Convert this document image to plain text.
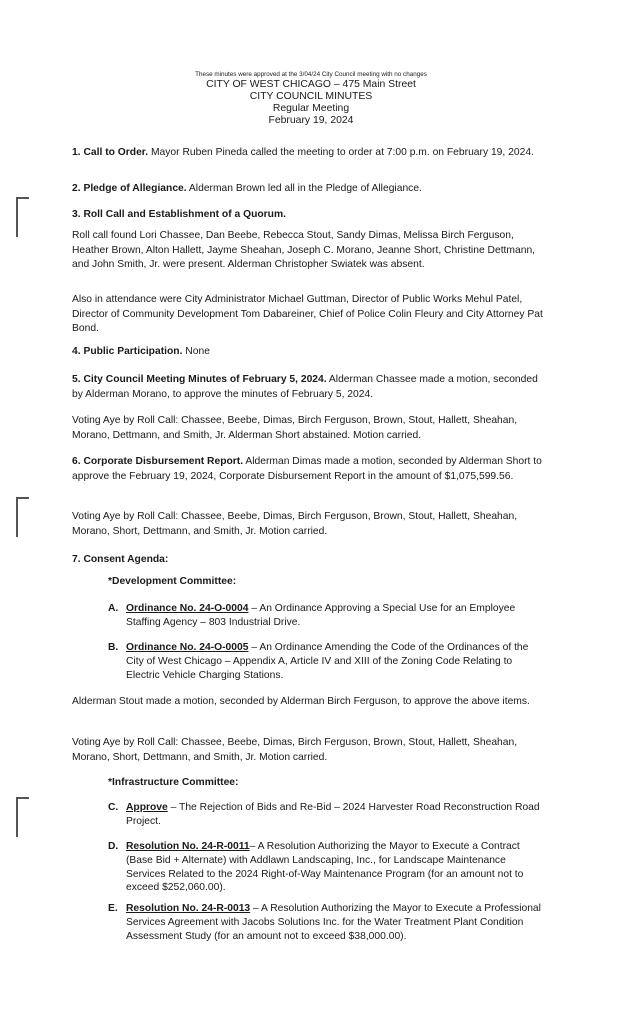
These minutes were approved at the 3/04/24 City Council meeting with no changes
CITY OF WEST CHICAGO – 475 Main Street
CITY COUNCIL MINUTES
Regular Meeting
February 19, 2024
1. Call to Order. Mayor Ruben Pineda called the meeting to order at 7:00 p.m. on February 19, 2024.
2. Pledge of Allegiance. Alderman Brown led all in the Pledge of Allegiance.
3. Roll Call and Establishment of a Quorum.
Roll call found Lori Chassee, Dan Beebe, Rebecca Stout, Sandy Dimas, Melissa Birch Ferguson, Heather Brown, Alton Hallett, Jayme Sheahan, Joseph C. Morano, Jeanne Short, Christine Dettmann, and John Smith, Jr. were present. Alderman Christopher Swiatek was absent.
Also in attendance were City Administrator Michael Guttman, Director of Public Works Mehul Patel, Director of Community Development Tom Dabareiner, Chief of Police Colin Fleury and City Attorney Pat Bond.
4. Public Participation. None
5. City Council Meeting Minutes of February 5, 2024. Alderman Chassee made a motion, seconded by Alderman Morano, to approve the minutes of February 5, 2024.
Voting Aye by Roll Call: Chassee, Beebe, Dimas, Birch Ferguson, Brown, Stout, Hallett, Sheahan, Morano, Dettmann, and Smith, Jr. Alderman Short abstained. Motion carried.
6. Corporate Disbursement Report. Alderman Dimas made a motion, seconded by Alderman Short to approve the February 19, 2024, Corporate Disbursement Report in the amount of $1,075,599.56.
Voting Aye by Roll Call: Chassee, Beebe, Dimas, Birch Ferguson, Brown, Stout, Hallett, Sheahan, Morano, Short, Dettmann, and Smith, Jr. Motion carried.
7. Consent Agenda:
*Development Committee:
A. Ordinance No. 24-O-0004 – An Ordinance Approving a Special Use for an Employee Staffing Agency – 803 Industrial Drive.
B. Ordinance No. 24-O-0005 – An Ordinance Amending the Code of the Ordinances of the City of West Chicago – Appendix A, Article IV and XIII of the Zoning Code Relating to Electric Vehicle Charging Stations.
Alderman Stout made a motion, seconded by Alderman Birch Ferguson, to approve the above items.
Voting Aye by Roll Call: Chassee, Beebe, Dimas, Birch Ferguson, Brown, Stout, Hallett, Sheahan, Morano, Short, Dettmann, and Smith, Jr. Motion carried.
*Infrastructure Committee:
C. Approve – The Rejection of Bids and Re-Bid – 2024 Harvester Road Reconstruction Road Project.
D. Resolution No. 24-R-0011– A Resolution Authorizing the Mayor to Execute a Contract (Base Bid + Alternate) with Addlawn Landscaping, Inc., for Landscape Maintenance Services Related to the 2024 Right-of-Way Maintenance Program (for an amount not to exceed $252,060.00).
E. Resolution No. 24-R-0013 – A Resolution Authorizing the Mayor to Execute a Professional Services Agreement with Jacobs Solutions Inc. for the Water Treatment Plant Condition Assessment Study (for an amount not to exceed $38,000.00).
